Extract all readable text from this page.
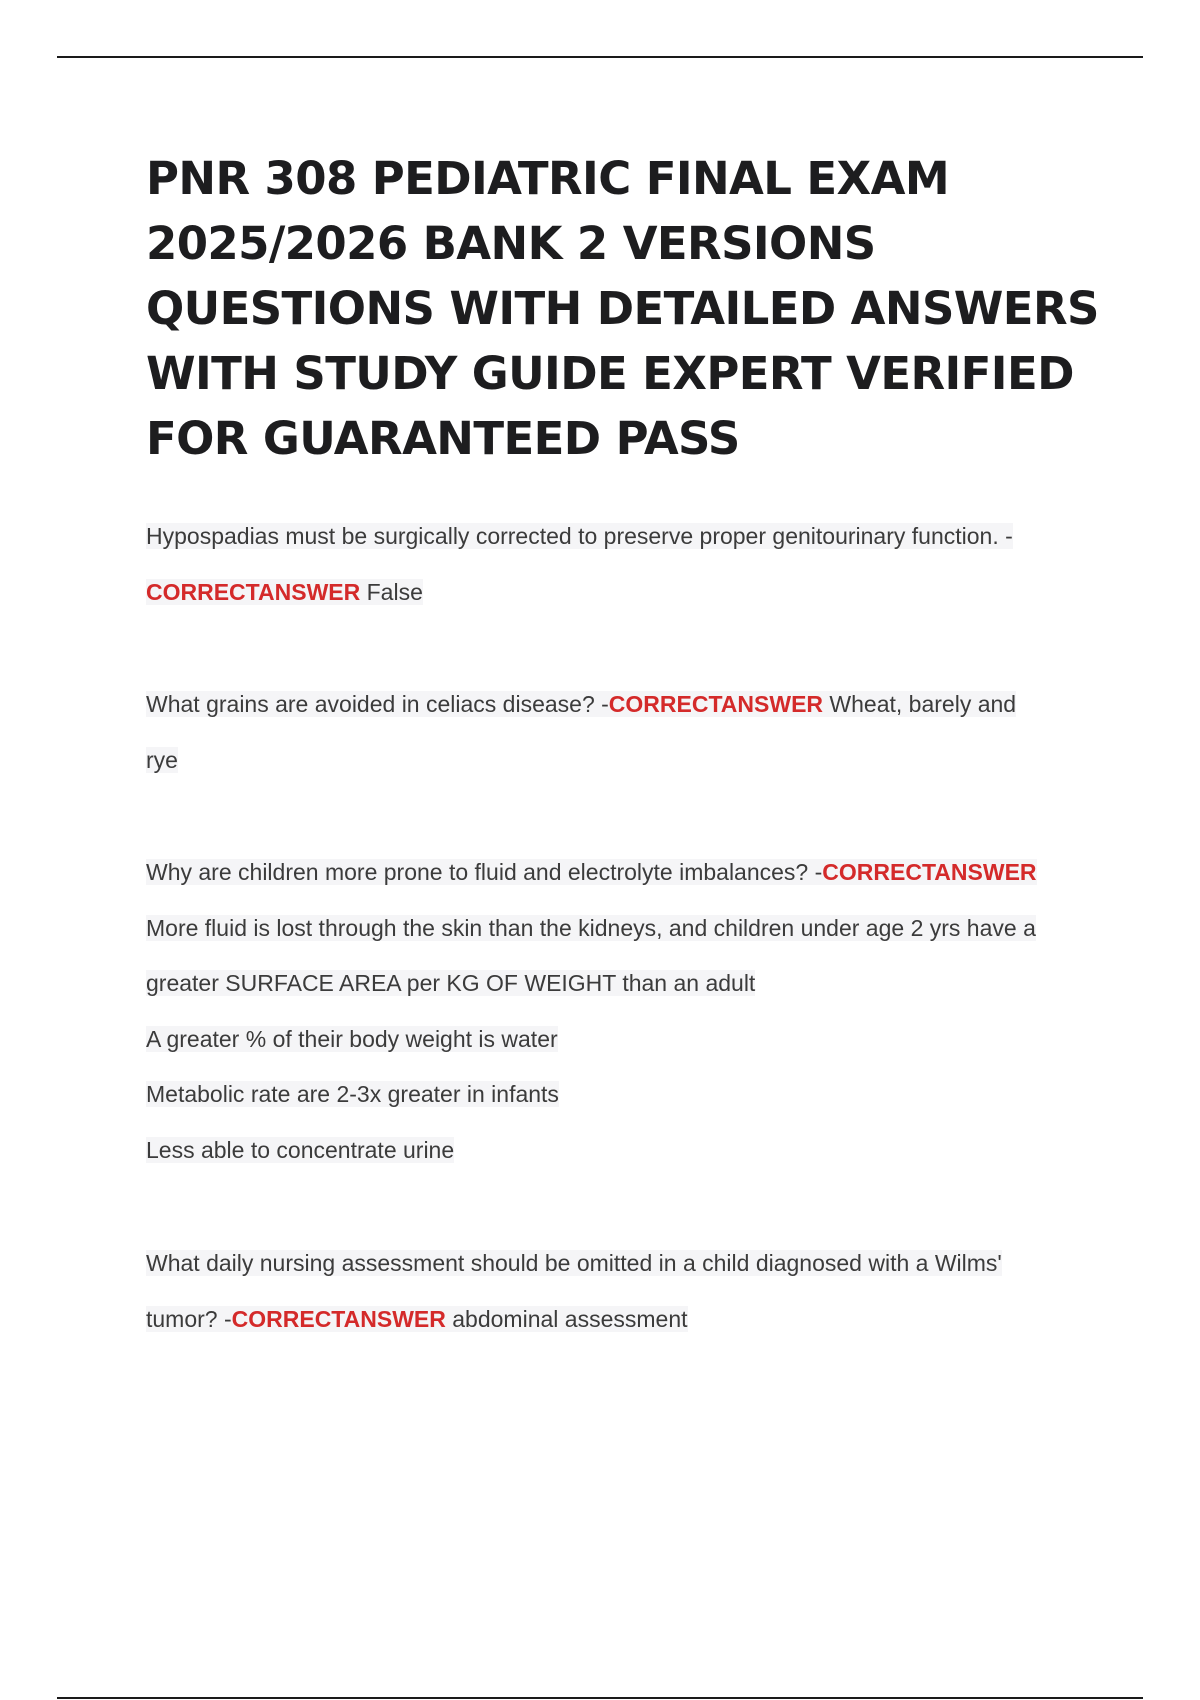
PNR 308 PEDIATRIC FINAL EXAM 2025/2026 BANK 2 VERSIONS QUESTIONS WITH DETAILED ANSWERS WITH STUDY GUIDE EXPERT VERIFIED FOR GUARANTEED PASS
Hypospadias must be surgically corrected to preserve proper genitourinary function. -
CORRECTANSWER False
What grains are avoided in celiacs disease? -CORRECTANSWER Wheat, barely and
rye
Why are children more prone to fluid and electrolyte imbalances? -CORRECTANSWER
More fluid is lost through the skin than the kidneys, and children under age 2 yrs have a
greater SURFACE AREA per KG OF WEIGHT than an adult
A greater % of their body weight is water
Metabolic rate are 2-3x greater in infants
Less able to concentrate urine
What daily nursing assessment should be omitted in a child diagnosed with a Wilms'
tumor? -CORRECTANSWER abdominal assessment
